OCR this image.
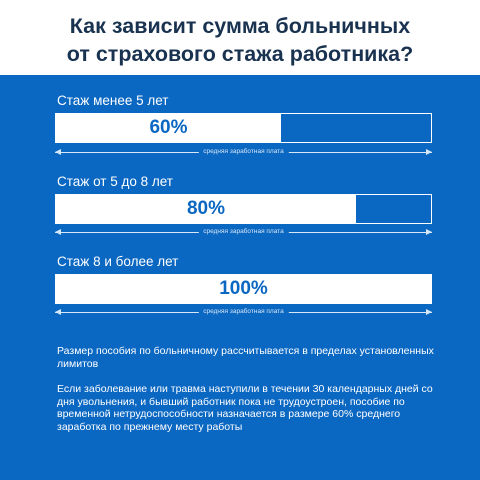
Как зависит сумма больничных
от страхового стажа работника?

Стаж менее 5 лет

60%
средняя заработная плата

Стаж от 5 до 8 лет

80%
средняя заработная плата

Стаж 8 и более лет

100%
средняя заработная плата

Размер пособия по больничному рассчитывается в пределах установленных лимитов

Если заболевание или травма наступили в течении 30 календарных дней со дня увольнения, и бывший работник пока не трудоустроен, пособие по временной нетрудоспособности назначается в размере 60% среднего заработка по прежнему месту работы
